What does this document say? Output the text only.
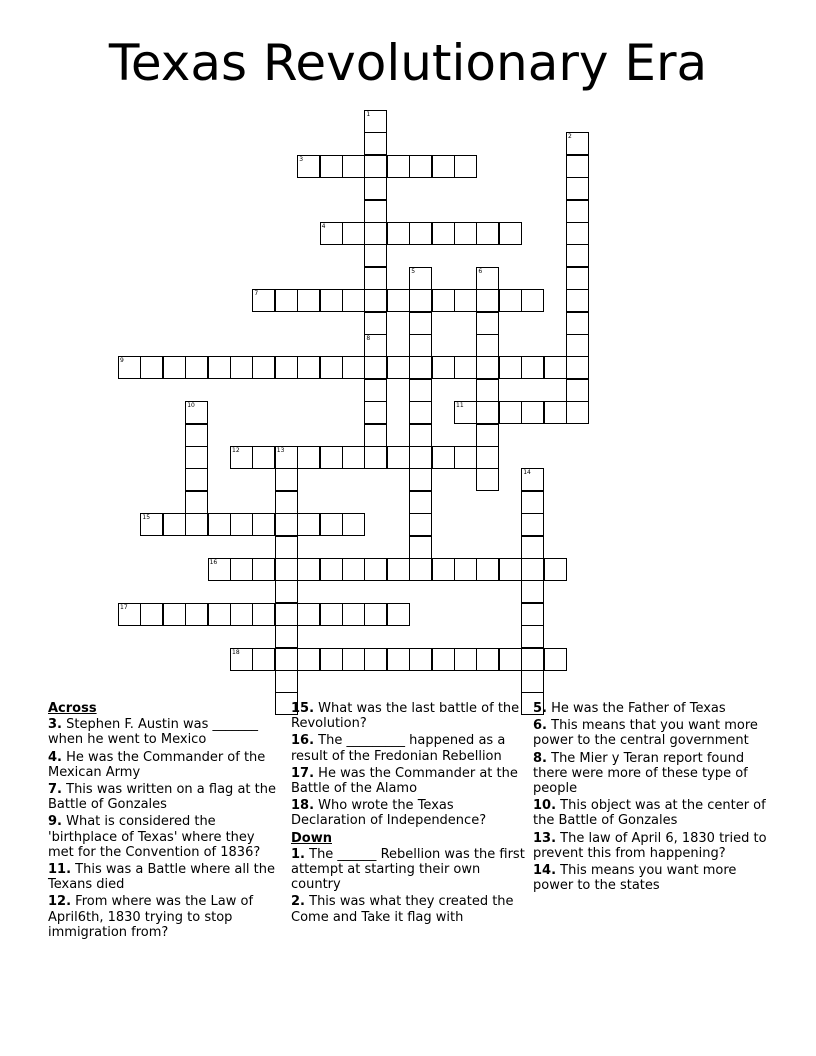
Texas Revolutionary Era
1
8
2
3
4
5	6
7
9
10	11
12	13
14
15
16
17
18
Across
3. Stephen F. Austin was _______ when he went to Mexico
4. He was the Commander of the Mexican Army
7. This was written on a flag at the Battle of Gonzales
9. What is considered the 'birthplace of Texas' where they met for the Convention of 1836?
11. This was a Battle where all the Texans died
12. From where was the Law of April6th, 1830 trying to stop immigration from?
15. What was the last battle of the Revolution?
16. The _________ happened as a result of the Fredonian Rebellion
17. He was the Commander at the Battle of the Alamo
18. Who wrote the Texas Declaration of Independence?
Down
1. The ______ Rebellion was the first attempt at starting their own country
2. This was what they created the Come and Take it flag with
5. He was the Father of Texas
6. This means that you want more power to the central government
8. The Mier y Teran report found there were more of these type of people
10. This object was at the center of the Battle of Gonzales
13. The law of April 6, 1830 tried to prevent this from happening?
14. This means you want more power to the states
